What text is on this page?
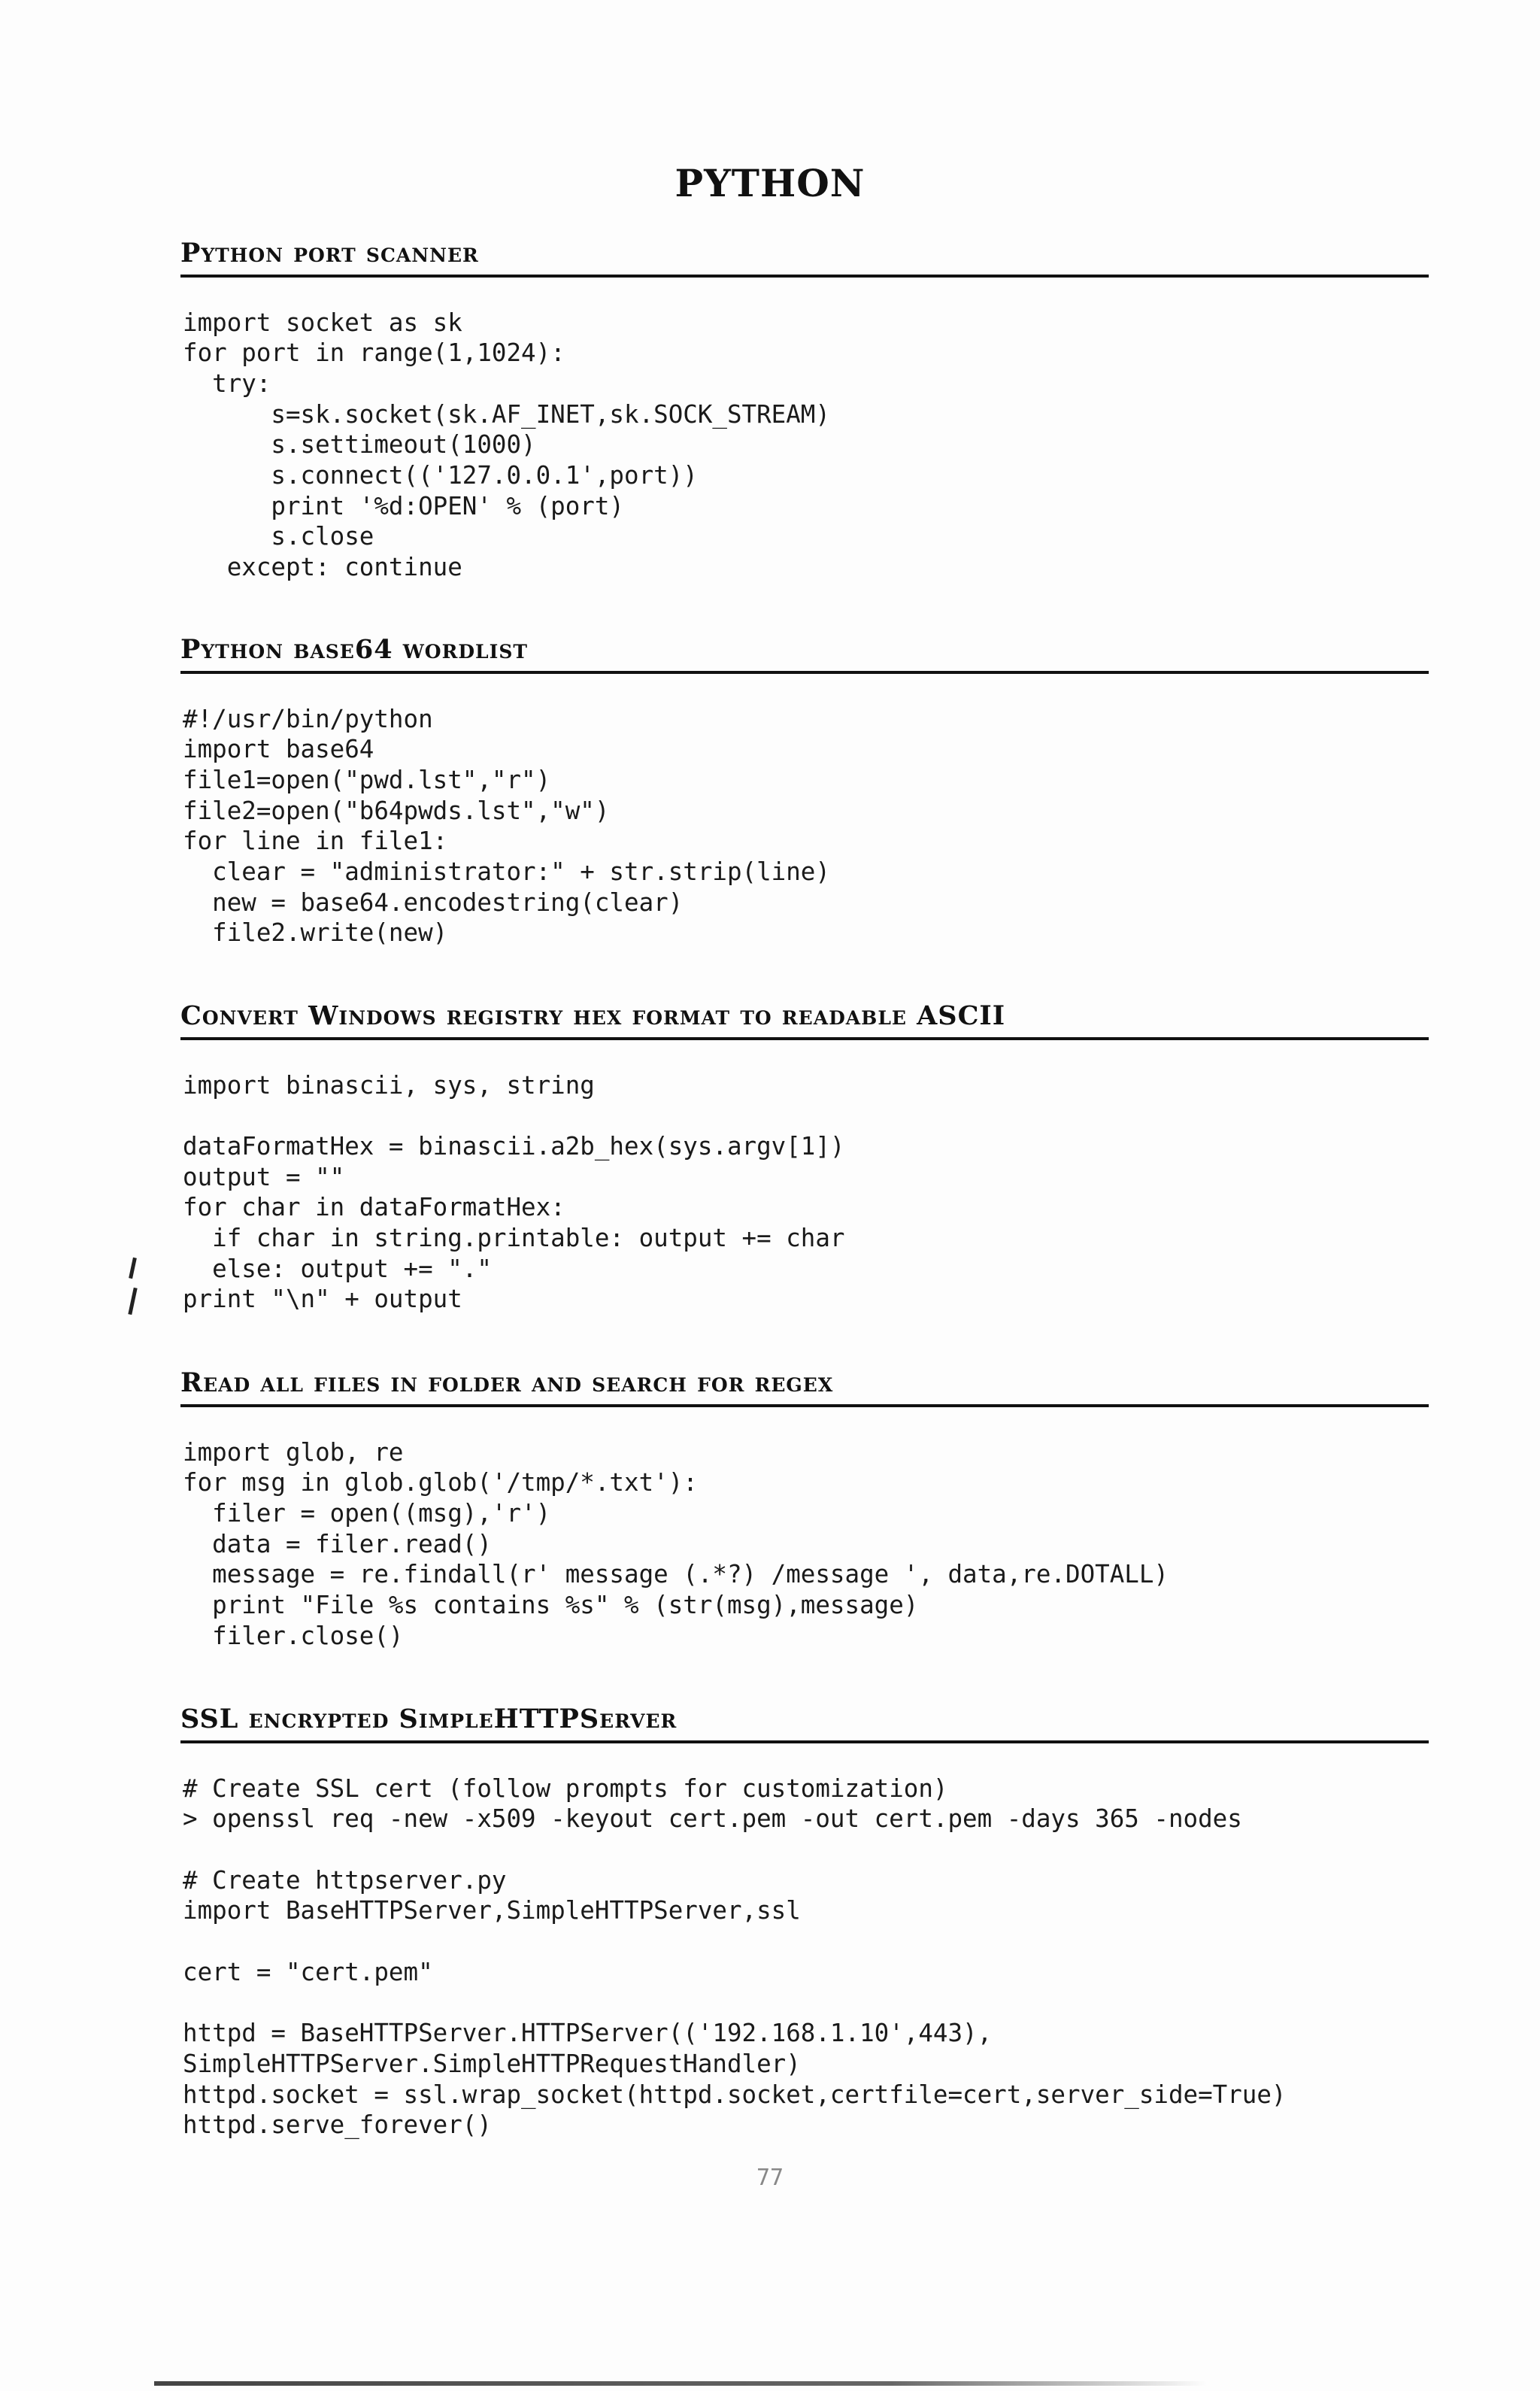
PYTHON
Python port scanner
import socket as sk
for port in range(1,1024):
try:
s=sk.socket(sk.AF_INET,sk.SOCK_STREAM)
s.settimeout(1000)
s.connect(('127.0.0.1',port))
print '%d:OPEN' % (port)
s.close
except: continue
Python base64 wordlist
#!/usr/bin/python
import base64
file1=open("pwd.lst","r")
file2=open("b64pwds.lst","w")
for line in file1:
clear = "administrator:" + str.strip(line)
new = base64.encodestring(clear)
file2.write(new)
Convert Windows registry hex format to readable ASCII
import binascii, sys, string

dataFormatHex = binascii.a2b_hex(sys.argv[1])
output = ""
for char in dataFormatHex:
if char in string.printable: output += char
else: output += "."
print "\n" + output
Read all files in folder and search for regex
import glob, re
for msg in glob.glob('/tmp/*.txt'):
filer = open((msg),'r')
data = filer.read()
message = re.findall(r' message (.*?) /message ', data,re.DOTALL)
print "File %s contains %s" % (str(msg),message)
filer.close()
SSL encrypted SimpleHTTPServer
# Create SSL cert (follow prompts for customization)
> openssl req -new -x509 -keyout cert.pem -out cert.pem -days 365 -nodes

# Create httpserver.py
import BaseHTTPServer,SimpleHTTPServer,ssl

cert = "cert.pem"

httpd = BaseHTTPServer.HTTPServer(('192.168.1.10',443),
SimpleHTTPServer.SimpleHTTPRequestHandler)
httpd.socket = ssl.wrap_socket(httpd.socket,certfile=cert,server_side=True)
httpd.serve_forever()
77
